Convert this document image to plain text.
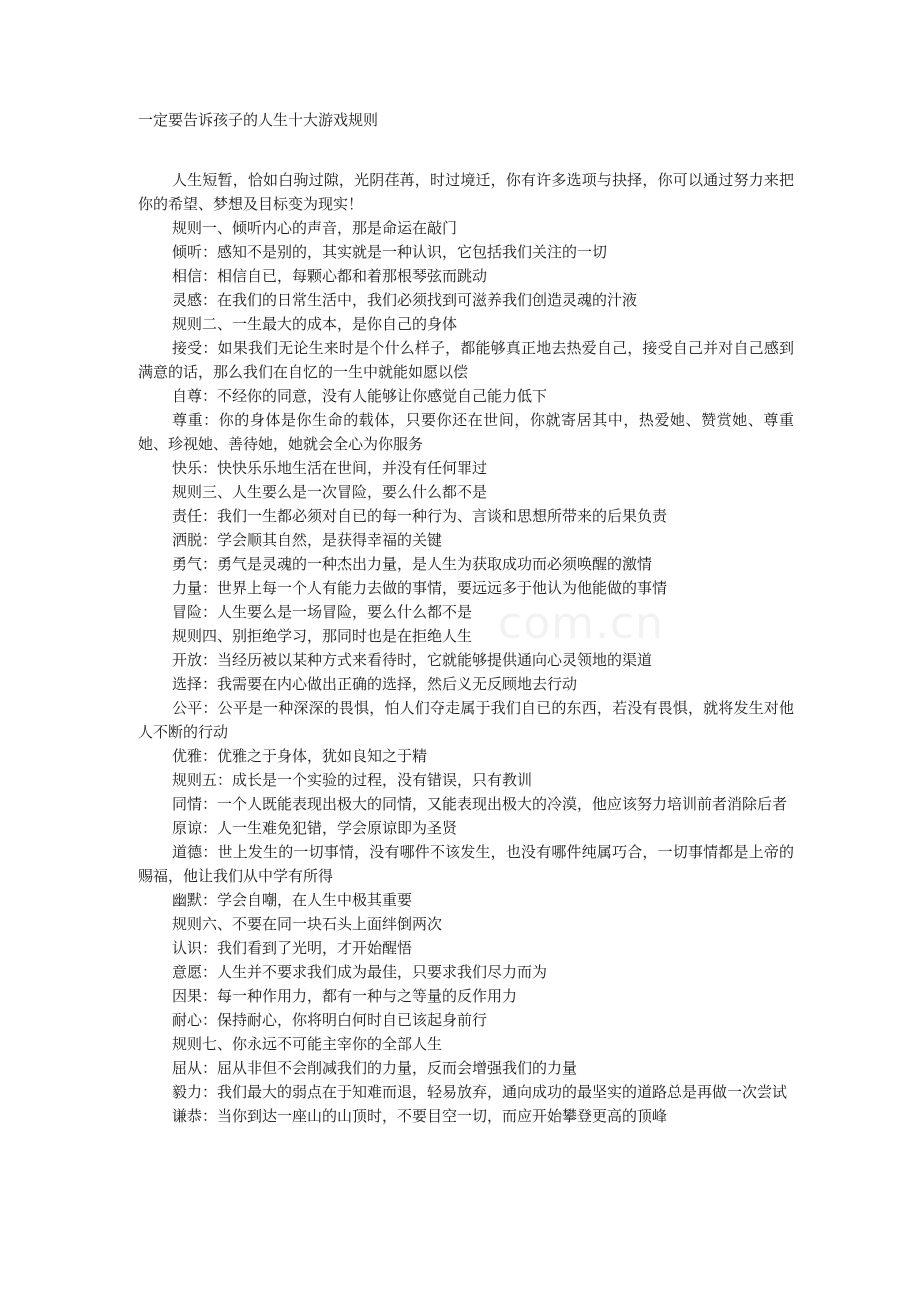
一定要告诉孩子的人生十大游戏规则

人生短暂，恰如白驹过隙，光阴荏苒，时过境迁，你有许多选项与抉择，你可以通过努力来把你的希望、梦想及目标变为现实！

规则一、倾听内心的声音，那是命运在敲门

倾听：感知不是别的，其实就是一种认识，它包括我们关注的一切

相信：相信自已，每颗心都和着那根琴弦而跳动

灵感：在我们的日常生活中，我们必须找到可滋养我们创造灵魂的汁液

规则二、一生最大的成本，是你自己的身体

接受：如果我们无论生来时是个什么样子，都能够真正地去热爱自己，接受自己并对自己感到满意的话，那么我们在自忆的一生中就能如愿以偿

自尊：不经你的同意，没有人能够让你感觉自己能力低下

尊重：你的身体是你生命的载体，只要你还在世间，你就寄居其中，热爱她、赞赏她、尊重她、珍视她、善待她，她就会全心为你服务

快乐：快快乐乐地生活在世间，并没有任何罪过

规则三、人生要么是一次冒险，要么什么都不是

责任：我们一生都必须对自已的每一种行为、言谈和思想所带来的后果负责

洒脱：学会顺其自然，是获得幸福的关键

勇气：勇气是灵魂的一种杰出力量，是人生为获取成功而必须唤醒的激情

力量：世界上每一个人有能力去做的事情，要远远多于他认为他能做的事情

冒险：人生要么是一场冒险，要么什么都不是

规则四、别拒绝学习，那同时也是在拒绝人生

开放：当经历被以某种方式来看待时，它就能够提供通向心灵领地的渠道

选择：我需要在内心做出正确的选择，然后义无反顾地去行动

公平：公平是一种深深的畏惧，怕人们夺走属于我们自已的东西，若没有畏惧，就将发生对他人不断的行动

优雅：优雅之于身体，犹如良知之于精

规则五：成长是一个实验的过程，没有错误，只有教训

同情：一个人既能表现出极大的同情，又能表现出极大的冷漠，他应该努力培训前者消除后者

原谅：人一生难免犯错，学会原谅即为圣贤

道德：世上发生的一切事情，没有哪件不该发生，也没有哪件纯属巧合，一切事情都是上帝的赐福，他让我们从中学有所得

幽默：学会自嘲，在人生中极其重要

规则六、不要在同一块石头上面绊倒两次

认识：我们看到了光明，才开始醒悟

意愿：人生并不要求我们成为最佳，只要求我们尽力而为

因果：每一种作用力，都有一种与之等量的反作用力

耐心：保持耐心，你将明白何时自已该起身前行

规则七、你永远不可能主宰你的全部人生

屈从：屈从非但不会削减我们的力量，反而会增强我们的力量

毅力：我们最大的弱点在于知难而退，轻易放弃，通向成功的最坚实的道路总是再做一次尝试

谦恭：当你到达一座山的山顶时，不要目空一切，而应开始攀登更高的顶峰

com.cn
